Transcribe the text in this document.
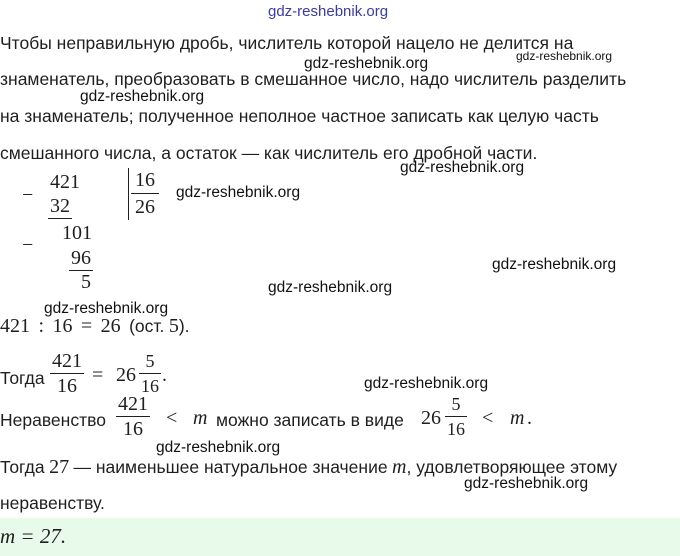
gdz-reshebnik.org
Чтобы неправильную дробь, числитель которой нацело не делится на
знаменатель, преобразовать в смешанное число, надо числитель разделить
на знаменатель; полученное неполное частное записать как целую часть
смешанного числа, а остаток — как числитель его дробной части.
−
421
32
−
101
96
5
16
26
421 : 16 = 26 (ост. 5).
Тогда
421
16 = 26
5
16 .
Неравенство
421
16	< m можно записать в виде 26
5
16 < m .
Тогда 27 — наименьшее натуральное значение m, удовлетворяющее этому
неравенству.
m = 27.
gdz-reshebnik.org	gdz-reshebnik.org
gdz-reshebnik.org
gdz-reshebnik.org
gdz-reshebnik.org
gdz-reshebnik.org
gdz-reshebnik.org
gdz-reshebnik.org
gdz-reshebnik.org
gdz-reshebnik.org
gdz-reshebnik.org
